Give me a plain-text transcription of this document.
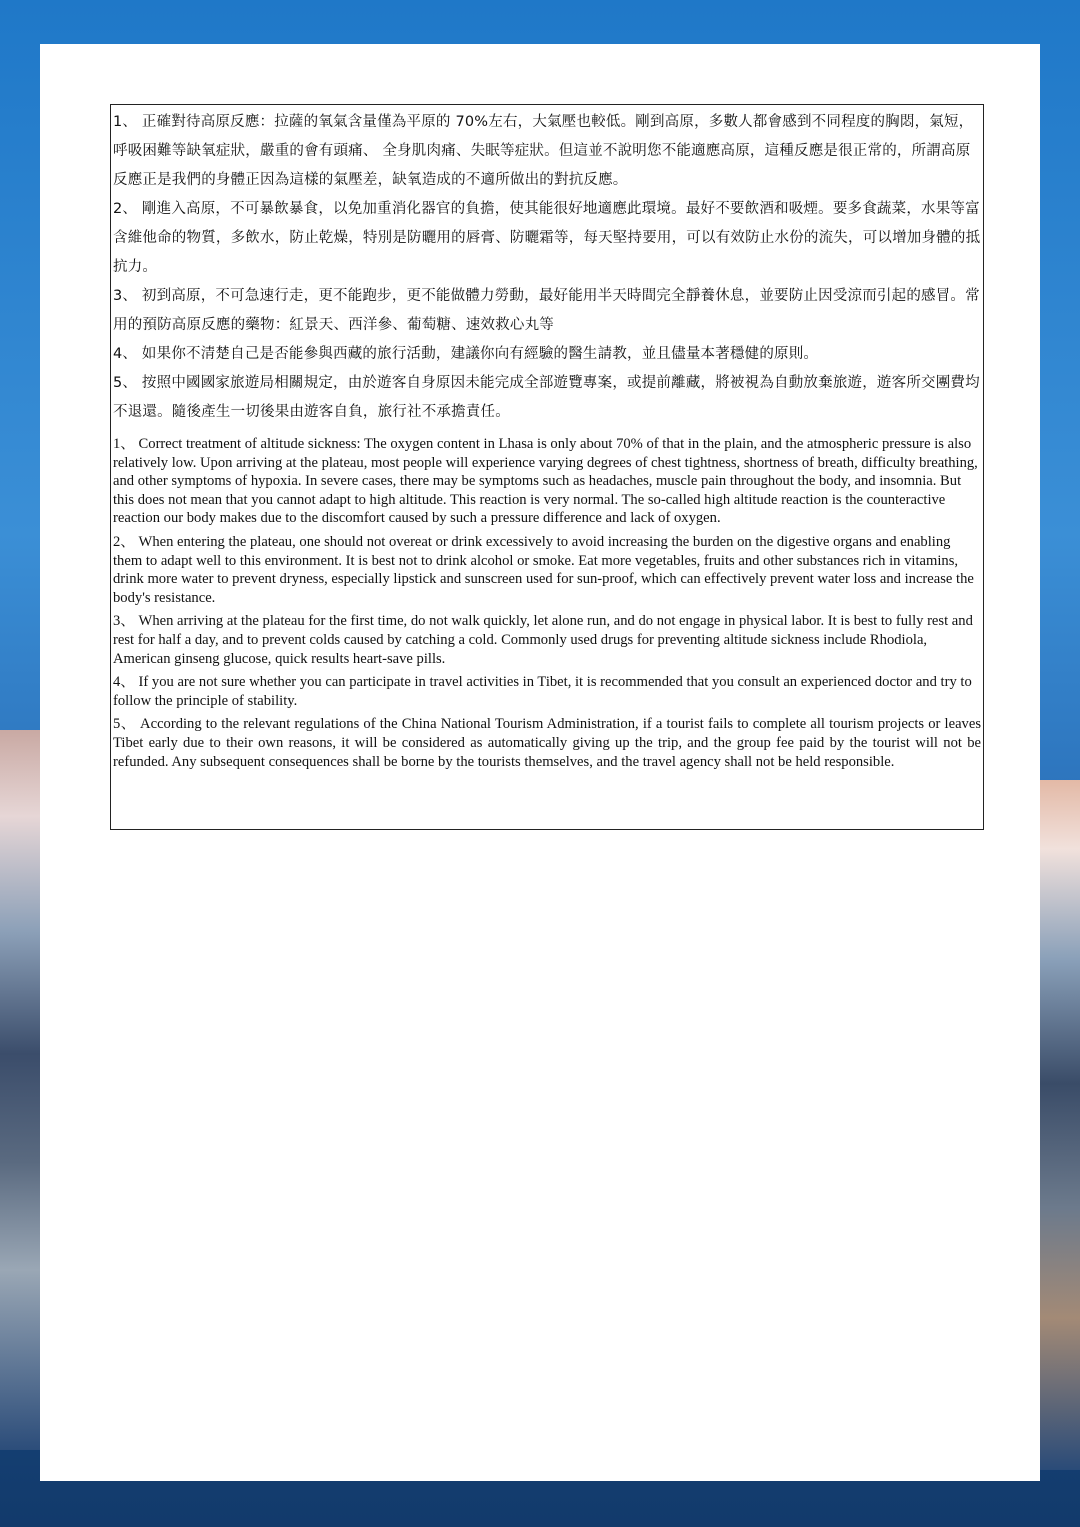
1、 正確對待高原反應：拉薩的氧氣含量僅為平原的 70%左右，大氣壓也較低。剛到高原，多數人都會感到不同程度的胸悶，氣短，呼吸困難等缺氧症狀，嚴重的會有頭痛、 全身肌肉痛、失眠等症狀。但這並不說明您不能適應高原，這種反應是很正常的，所謂高原反應正是我們的身體正因為這樣的氣壓差，缺氧造成的不適所做出的對抗反應。

2、 剛進入高原，不可暴飲暴食，以免加重消化器官的負擔，使其能很好地適應此環境。最好不要飲酒和吸煙。要多食蔬菜，水果等富含維他命的物質，多飲水，防止乾燥，特別是防曬用的唇膏、防曬霜等，每天堅持要用，可以有效防止水份的流失，可以增加身體的抵抗力。

3、 初到高原，不可急速行走，更不能跑步，更不能做體力勞動，最好能用半天時間完全靜養休息，並要防止因受涼而引起的感冒。常用的預防高原反應的藥物：紅景天、西洋參、葡萄糖、速效救心丸等

4、 如果你不清楚自己是否能參與西藏的旅行活動，建議你向有經驗的醫生請教，並且儘量本著穩健的原則。

5、 按照中國國家旅遊局相關規定，由於遊客自身原因未能完成全部遊覽專案，或提前離藏，將被視為自動放棄旅遊，遊客所交團費均不退還。隨後產生一切後果由遊客自負，旅行社不承擔責任。

1、 Correct treatment of altitude sickness: The oxygen content in Lhasa is only about 70% of that in the plain, and the atmospheric pressure is also relatively low. Upon arriving at the plateau, most people will experience varying degrees of chest tightness, shortness of breath, difficulty breathing, and other symptoms of hypoxia. In severe cases, there may be symptoms such as headaches, muscle pain throughout the body, and insomnia. But this does not mean that you cannot adapt to high altitude. This reaction is very normal. The so-called high altitude reaction is the counteractive reaction our body makes due to the discomfort caused by such a pressure difference and lack of oxygen.

2、 When entering the plateau, one should not overeat or drink excessively to avoid increasing the burden on the digestive organs and enabling them to adapt well to this environment. It is best not to drink alcohol or smoke. Eat more vegetables, fruits and other substances rich in vitamins, drink more water to prevent dryness, especially lipstick and sunscreen used for sun-proof, which can effectively prevent water loss and increase the body's resistance.

3、 When arriving at the plateau for the first time, do not walk quickly, let alone run, and do not engage in physical labor. It is best to fully rest and rest for half a day, and to prevent colds caused by catching a cold. Commonly used drugs for preventing altitude sickness include Rhodiola, American ginseng glucose, quick results heart-save pills.

4、 If you are not sure whether you can participate in travel activities in Tibet, it is recommended that you consult an experienced doctor and try to follow the principle of stability.

5、 According to the relevant regulations of the China National Tourism Administration, if a tourist fails to complete all tourism projects or leaves Tibet early due to their own reasons, it will be considered as automatically giving up the trip, and the group fee paid by the tourist will not be refunded. Any subsequent consequences shall be borne by the tourists themselves, and the travel agency shall not be held responsible.
